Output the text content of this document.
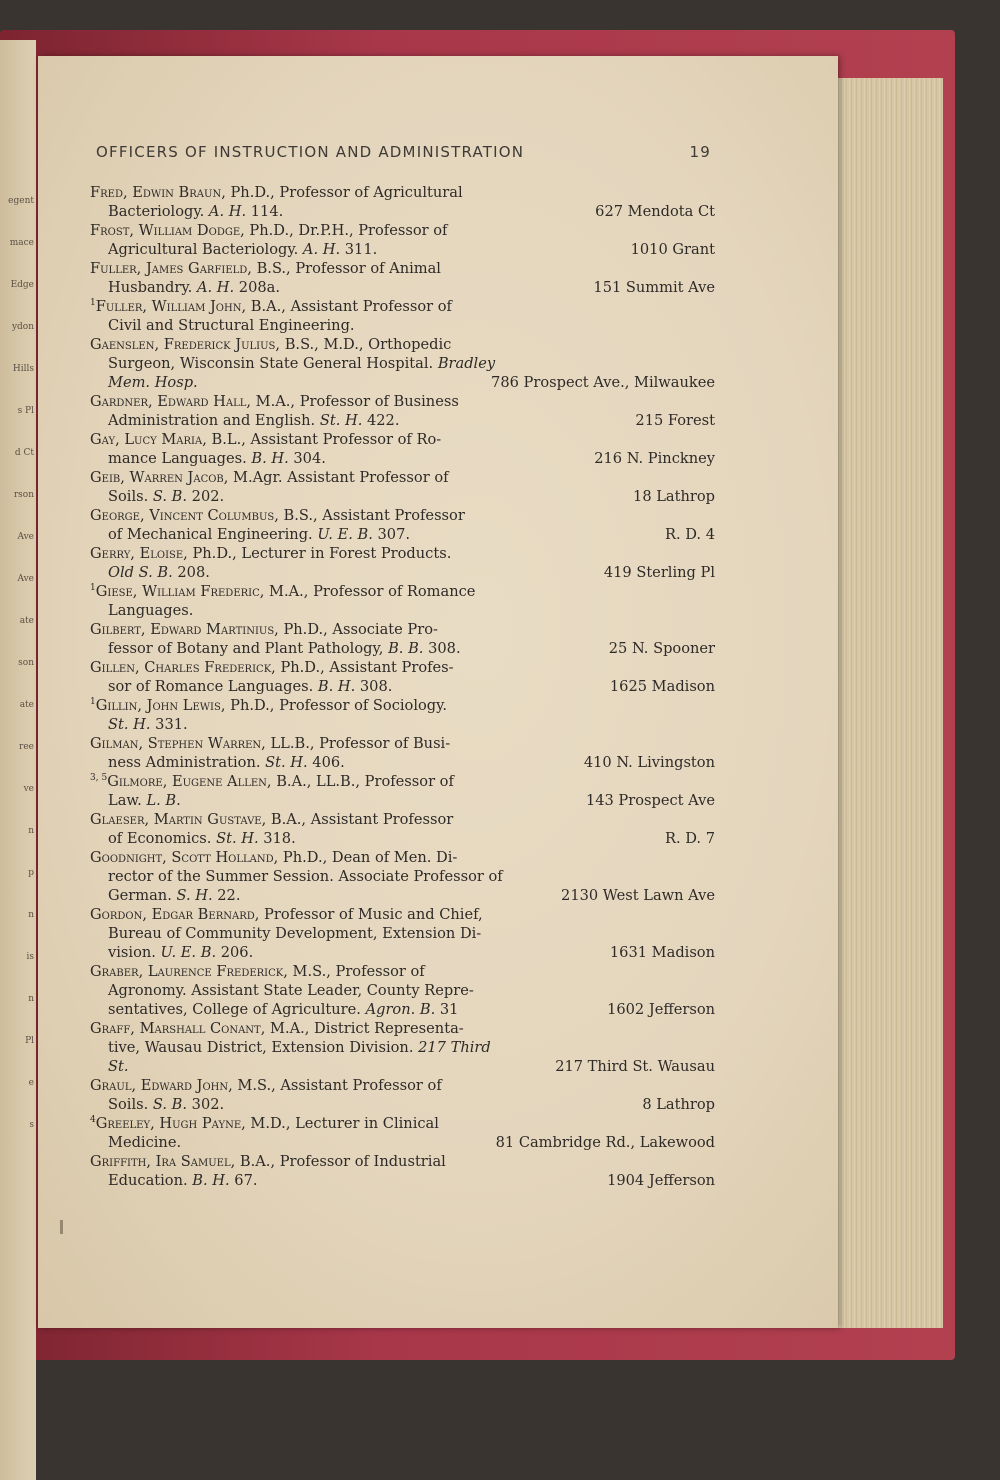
egent
mace
Edge
ydon
Hills
s Pl
d Ct
rson
Ave
Ave
ate
son
ate
ree
ve
n
p
n
is
n
Pl
e
s
OFFICERS OF INSTRUCTION AND ADMINISTRATION	19
Fred, Edwin Braun, Ph.D., Professor of Agricultural
Bacteriology. A. H. 114.	627 Mendota Ct
Frost, William Dodge, Ph.D., Dr.P.H., Professor of
Agricultural Bacteriology. A. H. 311.	1010 Grant
Fuller, James Garfield, B.S., Professor of Animal
Husbandry. A. H. 208a.	151 Summit Ave
$^1$Fuller, William John, B.A., Assistant Professor of
Civil and Structural Engineering.
Gaenslen, Frederick Julius, B.S., M.D., Orthopedic
Surgeon, Wisconsin State General Hospital. Bradley
Mem. Hosp.	786 Prospect Ave., Milwaukee
Gardner, Edward Hall, M.A., Professor of Business
Administration and English. St. H. 422.	215 Forest
Gay, Lucy Maria, B.L., Assistant Professor of Ro-
mance Languages. B. H. 304.	216 N. Pinckney
Geib, Warren Jacob, M.Agr. Assistant Professor of
Soils. S. B. 202.	18 Lathrop
George, Vincent Columbus, B.S., Assistant Professor
of Mechanical Engineering. U. E. B. 307.	R. D. 4
Gerry, Eloise, Ph.D., Lecturer in Forest Products.
Old S. B. 208.	419 Sterling Pl
$^1$Giese, William Frederic, M.A., Professor of Romance
Languages.
Gilbert, Edward Martinius, Ph.D., Associate Pro-
fessor of Botany and Plant Pathology, B. B. 308.	25 N. Spooner
Gillen, Charles Frederick, Ph.D., Assistant Profes-
sor of Romance Languages. B. H. 308.	1625 Madison
$^1$Gillin, John Lewis, Ph.D., Professor of Sociology.
St. H. 331.
Gilman, Stephen Warren, LL.B., Professor of Busi-
ness Administration. St. H. 406.	410 N. Livingston
$^{3, 5}$Gilmore, Eugene Allen, B.A., LL.B., Professor of
Law. L. B.	143 Prospect Ave
Glaeser, Martin Gustave, B.A., Assistant Professor
of Economics. St. H. 318.	R. D. 7
Goodnight, Scott Holland, Ph.D., Dean of Men. Di-
rector of the Summer Session. Associate Professor of
German. S. H. 22.	2130 West Lawn Ave
Gordon, Edgar Bernard, Professor of Music and Chief,
Bureau of Community Development, Extension Di-
vision. U. E. B. 206.	1631 Madison
Graber, Laurence Frederick, M.S., Professor of
Agronomy. Assistant State Leader, County Repre-
sentatives, College of Agriculture. Agron. B. 31	1602 Jefferson
Graff, Marshall Conant, M.A., District Representa-
tive, Wausau District, Extension Division. 217 Third
St.	217 Third St. Wausau
Graul, Edward John, M.S., Assistant Professor of
Soils. S. B. 302.	8 Lathrop
$^4$Greeley, Hugh Payne, M.D., Lecturer in Clinical
Medicine.	81 Cambridge Rd., Lakewood
Griffith, Ira Samuel, B.A., Professor of Industrial
Education. B. H. 67.	1904 Jefferson
